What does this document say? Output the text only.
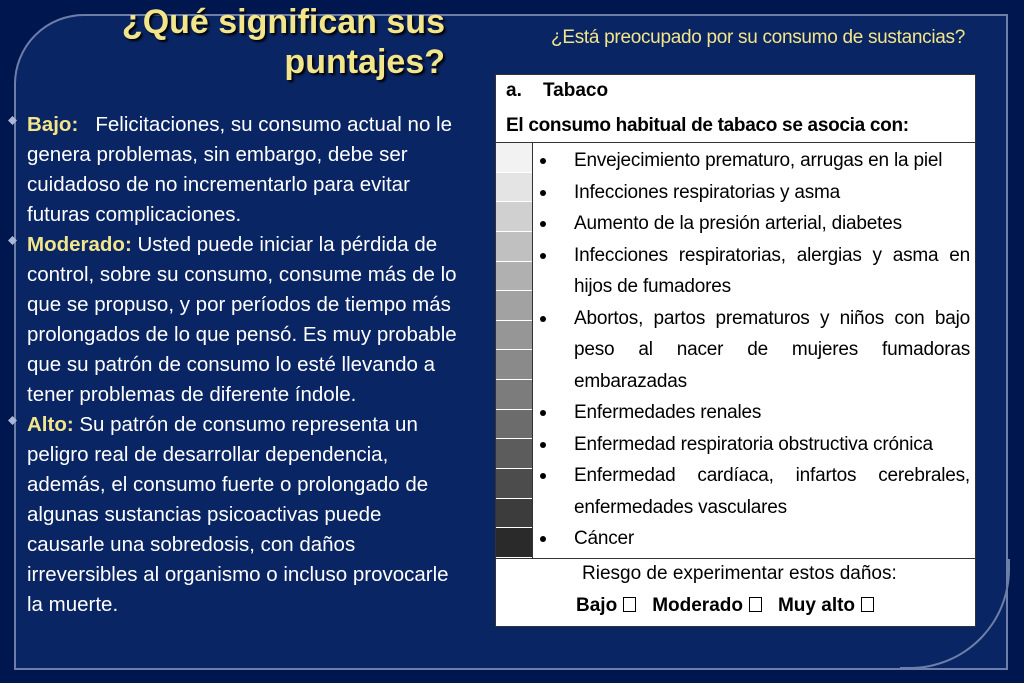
¿Qué significan sus puntajes?
¿Está preocupado por su consumo de sustancias?
Bajo:   Felicitaciones, su consumo actual no le genera problemas, sin embargo, debe ser cuidadoso de no incrementarlo para evitar futuras complicaciones.
Moderado: Usted puede iniciar la pérdida de control, sobre su consumo, consume más de lo que se propuso, y por períodos de tiempo más prolongados de lo que pensó. Es muy probable que su patrón de consumo lo esté llevando a tener problemas de diferente índole.
Alto: Su patrón de consumo representa un peligro real de desarrollar dependencia, además, el consumo fuerte o prolongado de algunas sustancias psicoactivas puede causarle una sobredosis, con daños irreversibles al organismo o incluso provocarle la muerte.
a.    Tabaco
El consumo habitual de tabaco se asocia con:
Envejecimiento prematuro, arrugas en la piel
Infecciones respiratorias y asma
Aumento de la presión arterial, diabetes
Infecciones respiratorias, alergias y asma en hijos de fumadores
Abortos, partos prematuros y niños con bajo peso al nacer de mujeres fumadoras embarazadas
Enfermedades renales
Enfermedad respiratoria obstructiva crónica
Enfermedad cardíaca, infartos cerebrales, enfermedades vasculares
Cáncer
Riesgo de experimentar estos daños:
Bajo Moderado Muy alto
